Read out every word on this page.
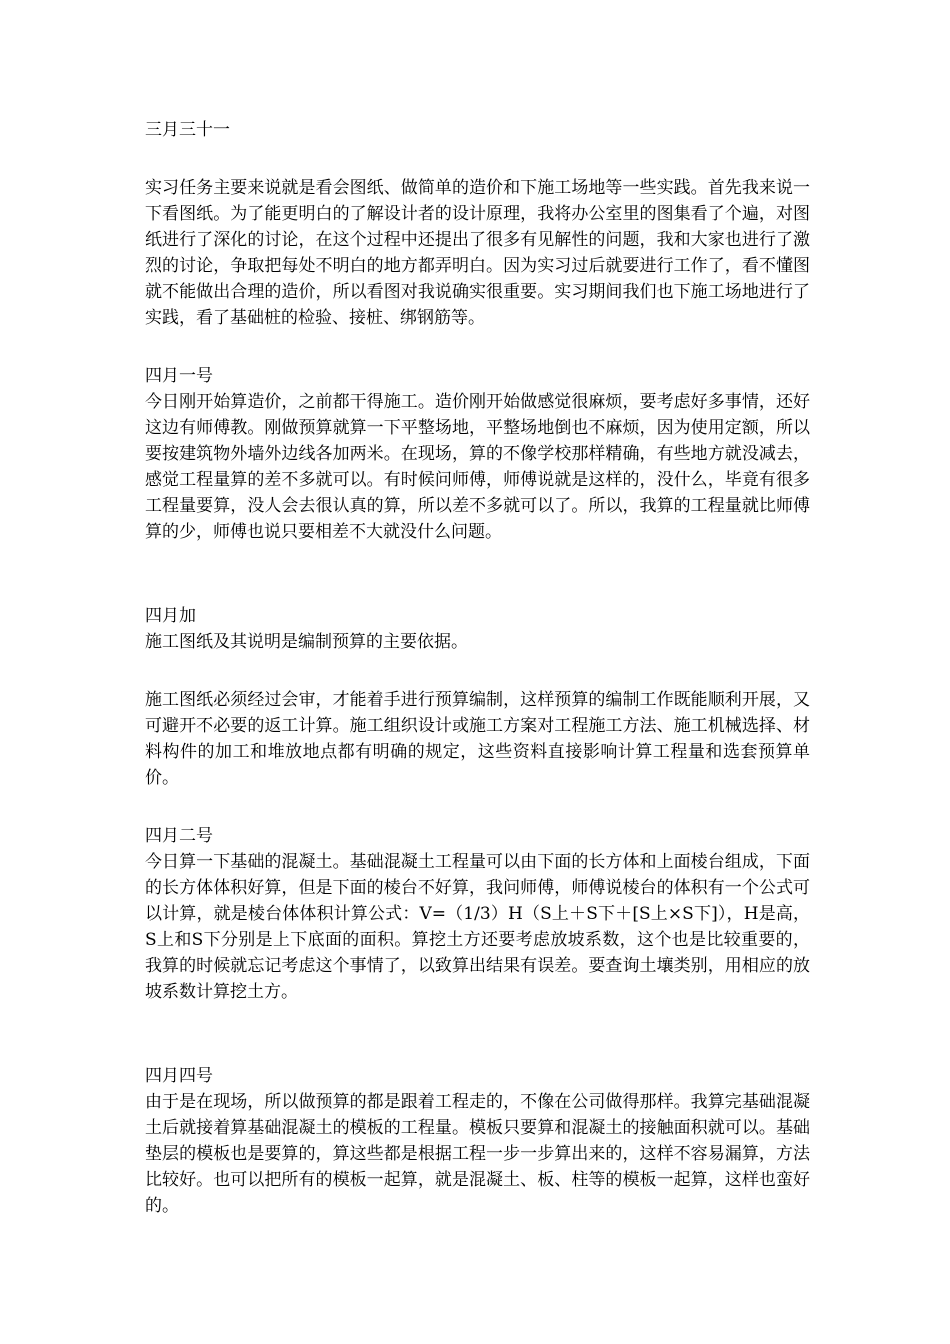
三月三十一

实习任务主要来说就是看会图纸、做简单的造价和下施工场地等一些实践。首先我来说一下看图纸。为了能更明白的了解设计者的设计原理，我将办公室里的图集看了个遍，对图纸进行了深化的讨论，在这个过程中还提出了很多有见解性的问题，我和大家也进行了激烈的讨论，争取把每处不明白的地方都弄明白。因为实习过后就要进行工作了，看不懂图就不能做出合理的造价，所以看图对我说确实很重要。实习期间我们也下施工场地进行了实践，看了基础桩的检验、接桩、绑钢筋等。

四月一号

今日刚开始算造价，之前都干得施工。造价刚开始做感觉很麻烦，要考虑好多事情，还好这边有师傅教。刚做预算就算一下平整场地，平整场地倒也不麻烦，因为使用定额，所以要按建筑物外墙外边线各加两米。在现场，算的不像学校那样精确，有些地方就没减去，感觉工程量算的差不多就可以。有时候问师傅，师傅说就是这样的，没什么，毕竟有很多工程量要算，没人会去很认真的算，所以差不多就可以了。所以，我算的工程量就比师傅算的少，师傅也说只要相差不大就没什么问题。

四月加

施工图纸及其说明是编制预算的主要依据。

施工图纸必须经过会审，才能着手进行预算编制，这样预算的编制工作既能顺利开展，又可避开不必要的返工计算。施工组织设计或施工方案对工程施工方法、施工机械选择、材料构件的加工和堆放地点都有明确的规定，这些资料直接影响计算工程量和选套预算单价。

四月二号

今日算一下基础的混凝土。基础混凝土工程量可以由下面的长方体和上面棱台组成，下面的长方体体积好算，但是下面的棱台不好算，我问师傅，师傅说棱台的体积有一个公式可以计算，就是棱台体体积计算公式：V=（1/3）H（S上＋S下＋[S上×S下]），H是高，S上和S下分别是上下底面的面积。算挖土方还要考虑放坡系数，这个也是比较重要的，我算的时候就忘记考虑这个事情了，以致算出结果有误差。要查询土壤类别，用相应的放坡系数计算挖土方。

四月四号

由于是在现场，所以做预算的都是跟着工程走的，不像在公司做得那样。我算完基础混凝土后就接着算基础混凝土的模板的工程量。模板只要算和混凝土的接触面积就可以。基础垫层的模板也是要算的，算这些都是根据工程一步一步算出来的，这样不容易漏算，方法比较好。也可以把所有的模板一起算，就是混凝土、板、柱等的模板一起算，这样也蛮好的。
